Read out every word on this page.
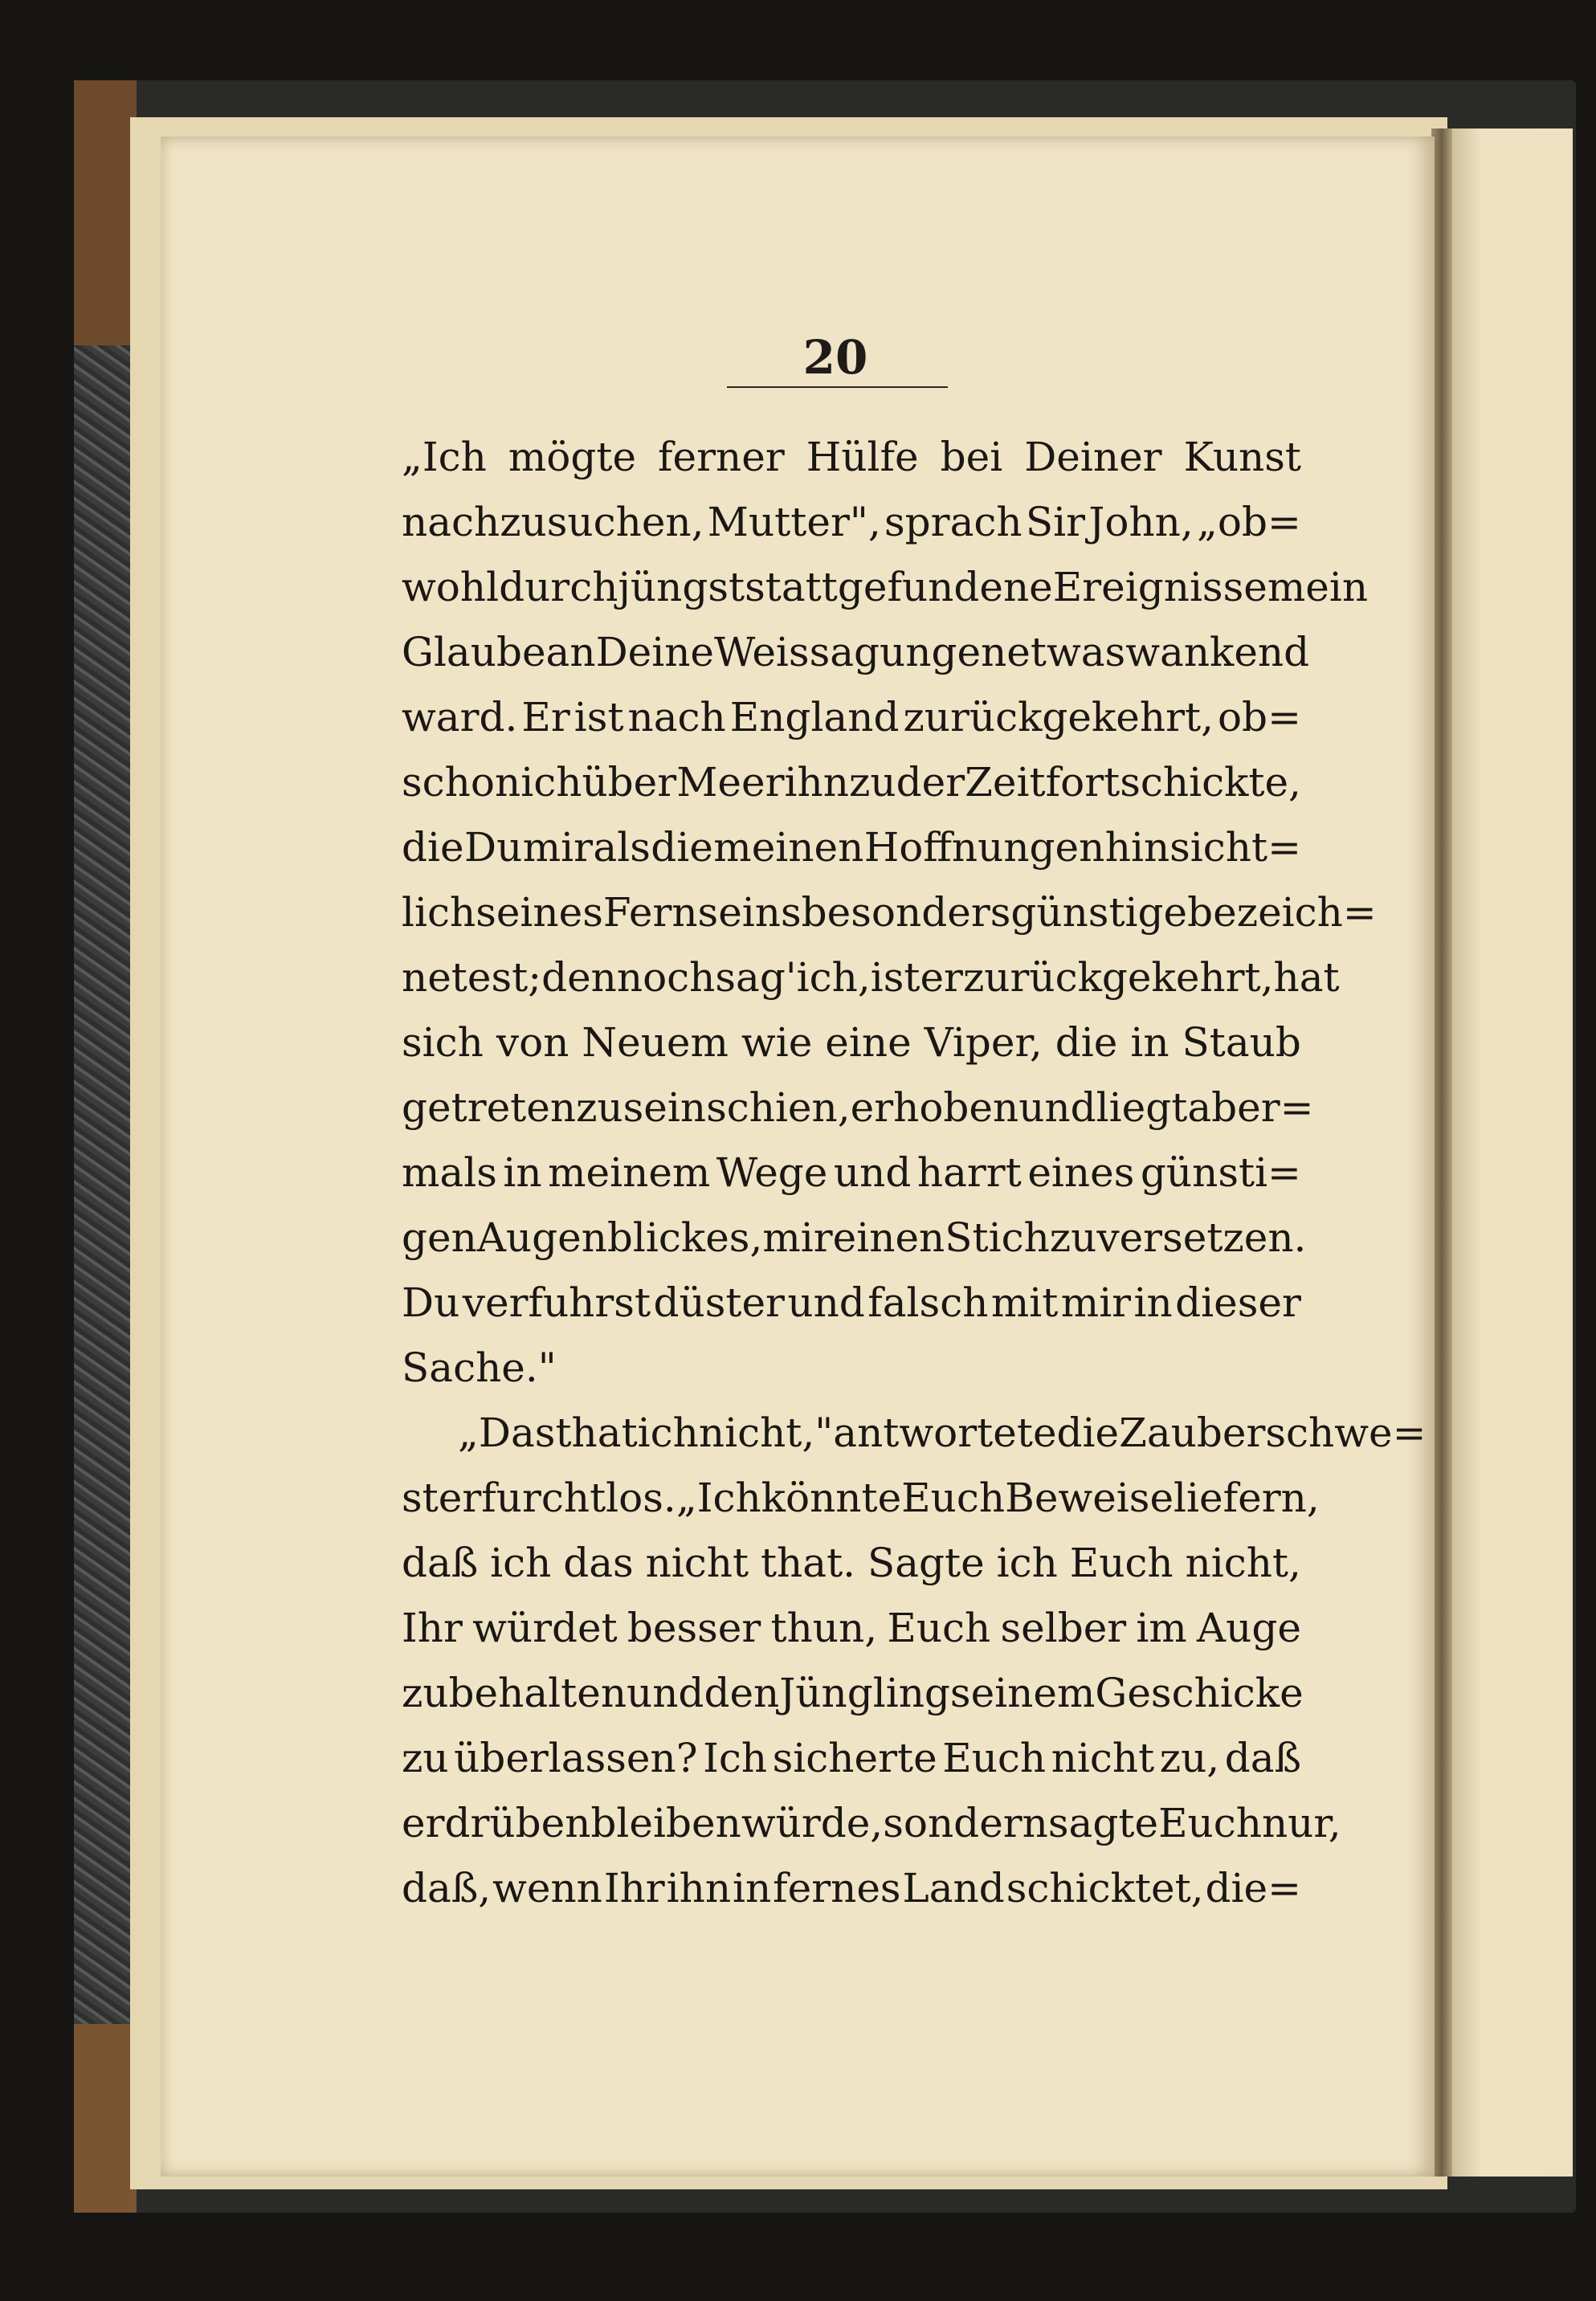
20
„Ich mögte ferner Hülfe bei Deiner Kunst
nachzusuchen, Mutter", sprach Sir John, „ob=
wohl durch jüngst stattgefundene Ereignisse mein
Glaube an Deine Weissagungen etwas wankend
ward. Er ist nach England zurückgekehrt, ob=
schon ich über Meer ihn zu der Zeit fortschickte,
die Du mir als die meinen Hoffnungen hinsicht=
lich seines Fernseins besonders günstige bezeich=
netest; dennoch sag' ich, ist er zurückgekehrt, hat
sich von Neuem wie eine Viper, die in Staub
getreten zu sein schien, erhoben und liegt aber=
mals in meinem Wege und harrt eines günsti=
gen Augenblickes, mir einen Stich zu versetzen.
Du verfuhrst düster und falsch mit mir in dieser
Sache."
„Das that ich nicht," antwortete die Zauberschwe=
ster furchtlos. „Ich könnte Euch Beweise liefern,
daß ich das nicht that. Sagte ich Euch nicht,
Ihr würdet besser thun, Euch selber im Auge
zu behalten und den Jüngling seinem Geschicke
zu überlassen? Ich sicherte Euch nicht zu, daß
er drüben bleiben würde, sondern sagte Euch nur,
daß, wenn Ihr ihn in fernes Land schicktet, die=
